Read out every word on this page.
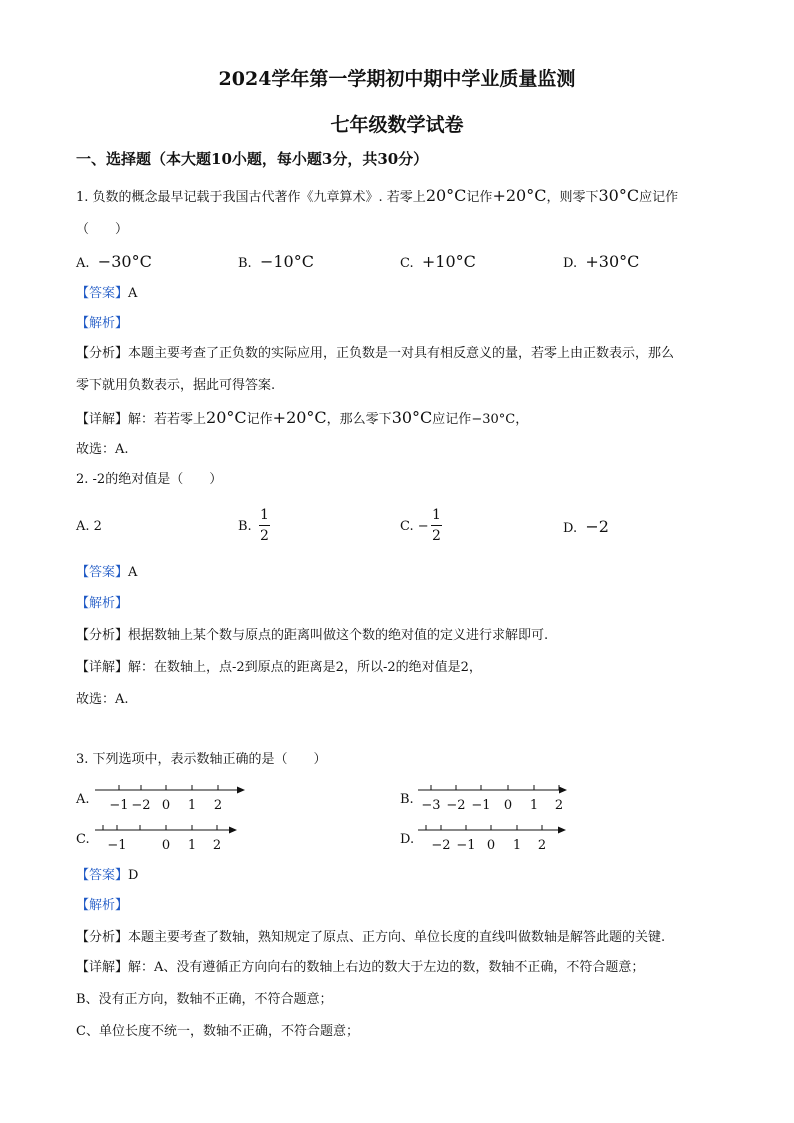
2024学年第一学期初中期中学业质量监测
七年级数学试卷
一、选择题（本大题10小题，每小题3分，共30分）
1. 负数的概念最早记载于我国古代著作《九章算术》. 若零上20°C记作+20°C，则零下30°C应记作
（　　）
A. −30°C	B. −10°C	C. +10°C	D. +30°C
【答案】A
【解析】
【分析】本题主要考查了正负数的实际应用，正负数是一对具有相反意义的量，若零上由正数表示，那么
零下就用负数表示，据此可得答案.
【详解】解：若若零上20°C记作+20°C，那么零下30°C应记作−30°C，
故选：A.
2. -2的绝对值是（　　）
A. 2	B.
1
2
C. −
1
2	D. −2
【答案】A
【解析】
【分析】根据数轴上某个数与原点的距离叫做这个数的绝对值的定义进行求解即可.
【详解】解：在数轴上，点-2到原点的距离是2，所以-2的绝对值是2，
故选：A.
3. 下列选项中，表示数轴正确的是（　　）
A. −1 −2 0 1 2	B. −3 −2 −1 0 1 2
C. −1	0 1 2	D. −2 −1 0 1 2
【答案】D
【解析】
【分析】本题主要考查了数轴，熟知规定了原点、正方向、单位长度的直线叫做数轴是解答此题的关键.
【详解】解：A、没有遵循正方向向右的数轴上右边的数大于左边的数，数轴不正确，不符合题意；
B、没有正方向，数轴不正确，不符合题意；
C、单位长度不统一，数轴不正确，不符合题意；
